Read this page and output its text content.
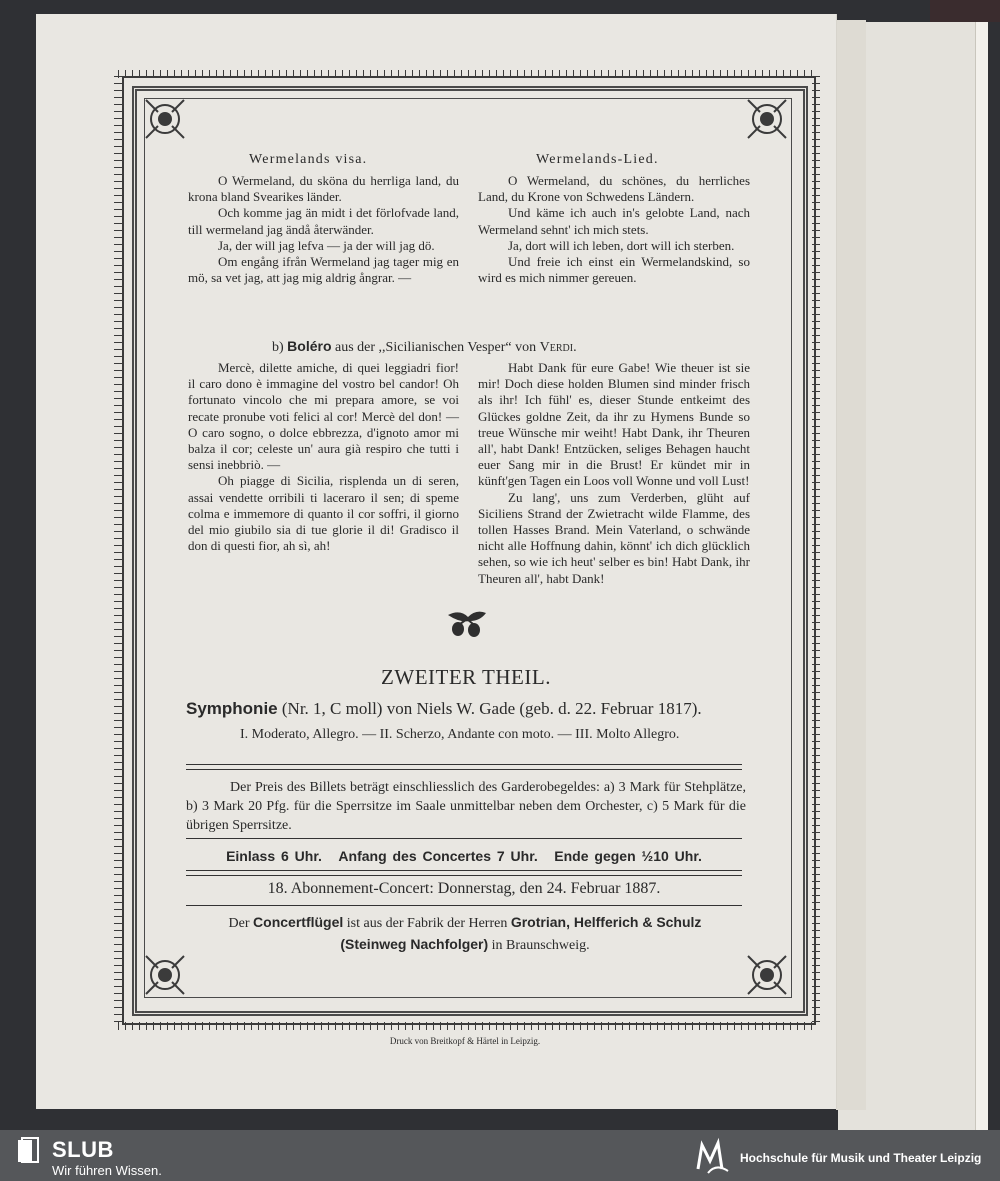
Wermelands visa.	Wermelands-Lied.

O Wermeland, du sköna du herrliga land, du krona bland Svearikes länder.

Och komme jag än midt i det förlofvade land, till wermeland jag ändå återwänder.

Ja, der will jag lefva — ja der will jag dö.

Om engång ifrån Wermeland jag tager mig en mö, sa vet jag, att jag mig aldrig ångrar. —

O Wermeland, du schönes, du herrliches Land, du Krone von Schwedens Ländern.

Und käme ich auch in's gelobte Land, nach Wermeland sehnt' ich mich stets.

Ja, dort will ich leben, dort will ich sterben.

Und freie ich einst ein Wermelandskind, so wird es mich nimmer gereuen.

b) Boléro aus der ,,Sicilianischen Vesper“ von Verdi.

Mercè, dilette amiche, di quei leggiadri fior! il caro dono è immagine del vostro bel candor! Oh fortunato vincolo che mi prepara amore, se voi recate pronube voti felici al cor! Mercè del don! — O caro sogno, o dolce ebbrezza, d'ignoto amor mi balza il cor; celeste un' aura già respiro che tutti i sensi inebbriò. —

Oh piagge di Sicilia, risplenda un di seren, assai vendette orribili ti laceraro il sen; di speme colma e immemore di quanto il cor soffri, il giorno del mio giubilo sia di tue glorie il di! Gradisco il don di questi fior, ah sì, ah!

Habt Dank für eure Gabe! Wie theuer ist sie mir! Doch diese holden Blumen sind minder frisch als ihr! Ich fühl' es, dieser Stunde entkeimt des Glückes goldne Zeit, da ihr zu Hymens Bunde so treue Wünsche mir weiht! Habt Dank, ihr Theuren all', habt Dank! Entzücken, seliges Behagen haucht euer Sang mir in die Brust! Er kündet mir in künft'gen Tagen ein Loos voll Wonne und voll Lust!

Zu lang', uns zum Verderben, glüht auf Siciliens Strand der Zwietracht wilde Flamme, des tollen Hasses Brand. Mein Vaterland, o schwände nicht alle Hoffnung dahin, könnt' ich dich glücklich sehen, so wie ich heut' selber es bin! Habt Dank, ihr Theuren all', habt Dank!

ZWEITER THEIL.
Symphonie (Nr. 1, C moll) von Niels W. Gade (geb. d. 22. Februar 1817).
I. Moderato, Allegro. — II. Scherzo, Andante con moto. — III. Molto Allegro.
Der Preis des Billets beträgt einschliesslich des Garderobegeldes: a) 3 Mark für Stehplätze, b) 3 Mark 20 Pfg. für die Sperrsitze im Saale unmittelbar neben dem Orchester, c) 5 Mark für die übrigen Sperrsitze.
Einlass 6 Uhr. Anfang des Concertes 7 Uhr. Ende gegen ½10 Uhr.
18. Abonnement-Concert: Donnerstag, den 24. Februar 1887.
Der Concertflügel ist aus der Fabrik der Herren Grotrian, Helfferich & Schulz
(Steinweg Nachfolger) in Braunschweig.
Druck von Breitkopf & Härtel in Leipzig.
SLUB
Wir führen Wissen.
Hochschule für Musik und Theater Leipzig
